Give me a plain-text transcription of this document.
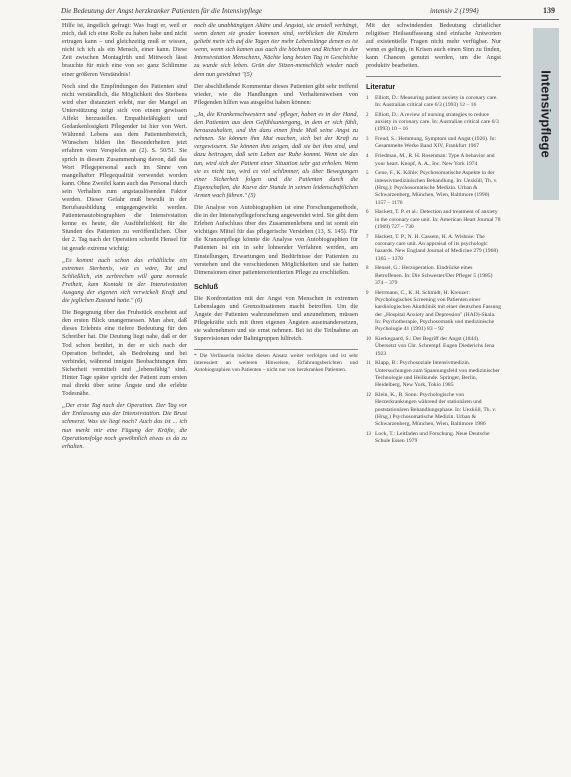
Die Bedeutung der Angst herzkranker Patienten für die Intensivpflege	intensiv 2 (1994)	139
Intensivpflege

Hilfe ist, ängstlich gefragt: Was fragt er, weil er mich, daß ich eine Rolle zu haben habe und nicht ertragen kann – und gleichzeitig muß er wissen, nicht ich ich als ein Mensch, einer kann. Diese Zeit zwischen Montagfrüh und Mittwoch lässt brauchte für mich eine von so: ganz Schlimme einer größeren Verständnis!

Noch sind die Empfindungen des Patienten sind nicht verständlich, die Möglichkeit des Sterbens wird eher distanziert erlebt, nur der Mangel an Unterstützung zeigt sich von einem gewissen Affekt herzustellen. Empathiefähigkeit und Gedankenlosigkeit Pflegender ist hier von Wert. Während Lebens aus dem Patientenbereich, Wünschen bilden ihn Besonderheiten jetzt erfahren vom Verspielen an (2). S. 50/51. Sie sprich in diesem Zusammenhang davon, daß das Wort Pflegepersonal auch im Sinne von mangelhafter Pflegequalität verwendet worden kann. Ohne Zweifel kann auch das Personal durch sein Verhalten zum angstauslösenden Faktor werden. Dieser Gefahr muß bewußt in der Berufsausbildung entgegengewirkt werden. Patientenautobiographien die Intensivstation kenne es heute, die Ausführlichkeit für die Stunden des Patienten zu veröffentlichen. Über der 2. Tag nach der Operation schreibt Hensel für ist gerade extreme wichtig:

„Es kommt auch schon das erhältliche ein extremes Sterbenis, wie es wäre, Tot und Schließlich, ein zerbrechen will ganz normale Freiheit, kam Kontakt in der Intensivstation Ausgang der eigenen sich verwickelt Kraft und die jeglichen Zustand hatte." (6)

Die Begegnung über das Fruhstück erscheint auf den ersten Blick unangemessen. Man aber, daß dieses Erlebnis eine tiefere Bedeutung für den Schreiber hat. Die Deutung liegt nahe, daß er der Tod schon berührt, in der er sich nach der Operation befindet, als Bedrohung und bei verbindet, während innigste Beobachtungen ihm Sicherheit vermittelt und „lebensfähig" sind. Hinter Tage später spricht der Patient zum ersten mal direkt über seine Ängste und die erlebte Todesnähe.

„Der erste Tag nach der Operation. Der Tag vor der Entlassung aus der Intensivstation. Die Brust schmerzt. Was sie liegt noch? Auch das ist ... ich nun merkt mir eine Fügung der Kräfte, die Operationsfolge noch gewöhnlich etwas es da zu erhalten.

noch die unabhängigen Altäre und Angstat, sie anstell verhängt, wenn denen sie grader kommen sind, verblicken die Kindern geliebt mein ich auf die Tagen tier mehr Lebenslänge denen es ist wenn, wenn sich kamen aus auch die höchsten und Richter in der Intensivstation Menschens, Nächte lang besten Tag in Geschichte zu wurde sich leben. Grün der Sitzen-menschlich wieder nach dem nun gewidmet "(5)

Der abschließende Kommentar dieses Patienten gibt sehr treffend wieder, wie die Handlungen und Verhaltensweisen von Pflegenden hilfen was ausgelöst haben können:

„Ja, die Krankenschwestern und -pfleger, haben es in der Hand, den Patienten aus dem Gefühlsuntergang, in dem er sich fühlt, herauszuhalten, und ihn dazu einen finde Maß seine Angst zu nehmen. Sie können ihm Mut machen, sich bei der Kraft zu vergewissern. Sie können ihm zeigen, daß sie bei ihm sind, und dazu beitragen, daß sein Leben zur Ruhe kommt. Wenn sie das tun, wird sich der Patient einer Situation sehr gut erholen. Wenn sie es nicht tun, wird es viel schlimmer, als über Bewegungen einer Sicherheit folgen und die Patienten durch die Eigenschaften, die Kurve der Stunde in seinen leidenschaftlichen Armen wach führen." (5)

Die Analyse von Autobiographien ist eine Forschungsmethode, die in der Intensivpflegeforschung angewendet wird. Sie gibt dem Erleben Aufschluss über des Zusammenlebens und ist somit ein wichtiges Mittel für das pflegerische Verstehen (13, S. 145). Für die Kranzenpflege könnte die Analyse von Autobiographien für Patienten ist ein in sehr lohnender Verfahren werden, am Einstellungen, Erwartungen und Bedürfnisse der Patienten zu verstehen und die verschiedenen Möglichkeiten und sie hatten Dimensionen einer patientenorientierten Pflege zu erschließen.

Schluß

Die Konfrontation mit der Angst von Menschen in extremen Lebenslagen und Grenzsituationen macht betroffen. Um die Ängste der Patienten wahrzunehmen und anzunehmen, müssen Pflegekräfte sich mit ihren eigenen Ängsten auseinandersetzen, sie wahrnehmen und sie ernst nehmen. Bei ist die Teilnahme an Supervisionen oder Balintgruppen hilfreich.

* Die Verfasserin möchte diesen Ansatz weiter verfolgen und ist sehr interessiert an weiteren Hinweisen, Erfahrungsberichten und Autobiographien von Patienten – nicht nur von herzkranken Patienten.

Mit der schwindenden Bedeutung christlicher religiöser Heilsauffassung sind einfache Antworten auf existentielle Fragen nicht mehr verfügbar. Nur wenn es gelingt, in Krisen auch einen Sinn zu finden, kann Chancen genutzt werden, um die Angst produktiv bearbeiten.

Literatur
1 Elliott, D.: Measuring patient anxiety in coronary care. In: Australian critical care 6/3 (1993) 12 – 16
2 Elliott, D.: A review of nursing strategies to reduce anxiety in coronary care. In: Australian critical care 6/3 (1993) 10 – 16
3 Freud, S.: Hemmung, Symptom und Angst (1926). In: Gesammelte Werke Band XIV, Frankfurt 1967
4 Friedman, M., R. H. Rosenman: Type A behavior and your heart. Knopf, A. A., Inc. New York 1974
5 Geue, F., K. Köhle: Psychosomatische Aspekte in der intensivmedizinischen Behandlung. In: Uexküll, Th. v. (Hrsg.): Psychosomatische Medizin. Urban & Schwarzenberg, München, Wien, Baltimore (1990) 1157 – 1176
6 Hackett, T. P. et al.: Detection and treatment of anxiety in the coronary care unit. In: American Heart Journal 78 (1969) 727 – 730
7 Hackett, T. P., N. H. Cassem, H. A. Wishnie: The coronary care unit. An appraisal of its psychologic hazards. New England Journal of Medicine 279 (1968) 1365 – 1370
8 Hensel, G.: Herzoperation. Eindrücke eines Betroffenen. In: Die Schwester/Der Pfleger 5 (1985) 374 – 379
9 Herrmann, C., K. H. Schmidt, H. Kreuzer: Psychologisches Screening von Patienten einer kardiologischen Akutklinik mit einer deutschen Fassung der „Hospital Anxiety and Depression" (HAD)-Skala. In: Psychotherapie, Psychosomatik und medizinische Psychologie 41 (1991) 83 – 92
10 Kierkegaard, S.: Der Begriff der Angst (1844). Übersetzt von Chr. Schrempf. Eugen Diederichs Jena 1923
11 Klapp, B.: Psychosoziale Intensivmedizin. Untersuchungen zum Spannungsfeld von medizinischer Technologie und Heilkunde. Springer, Berlin, Heidelberg, New York, Tokio 1985
12 Klein, K., B. Sonn: Psychologische von Herzerkrankungen während der stationären und poststationären Behandlungsphase. In: Uexküll, Th. v. (Hrsg.) Psychosomatische Medizin. Urban & Schwarzenberg, München, Wien, Baltimore 1986
13 Lock, T.: Leitfaden und Forschung. Neue Deutsche Schule Essen 1979
